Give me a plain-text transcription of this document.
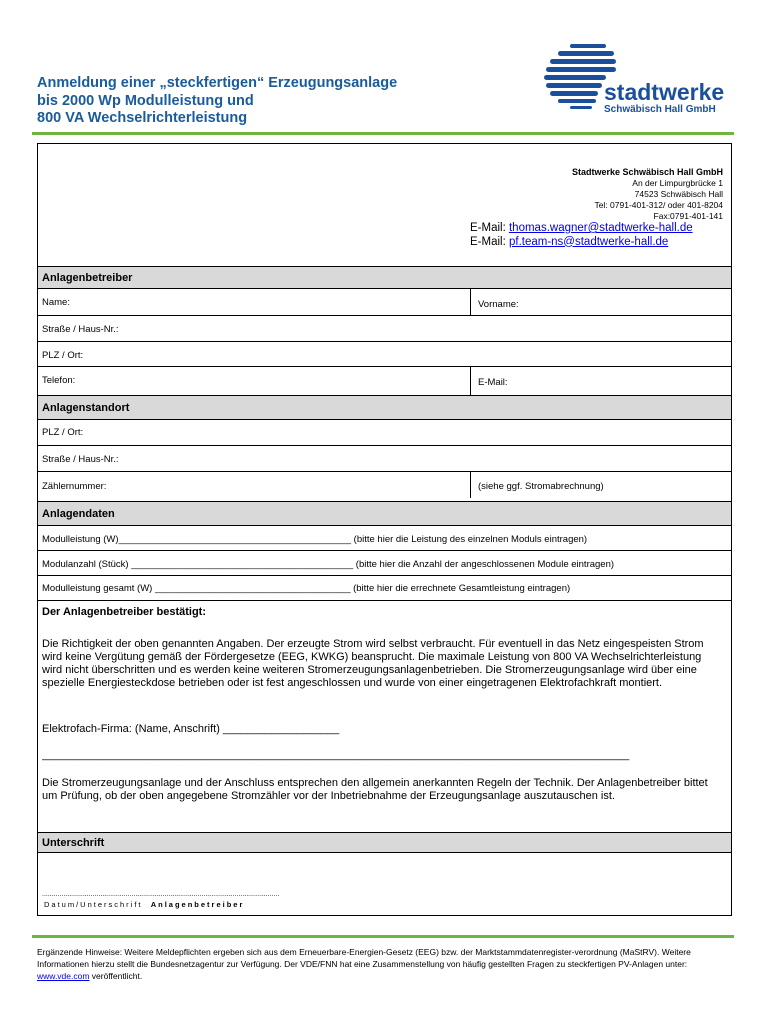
Anmeldung einer „steckfertigen“ Erzeugungsanlage
bis 2000 Wp Modulleistung und
800 VA Wechselrichterleistung
stadtwerke
Schwäbisch Hall GmbH
Stadtwerke Schwäbisch Hall GmbH
An der Limpurgbrücke 1
74523 Schwäbisch Hall
Tel: 0791-401-312/ oder 401-8204
Fax:0791-401-141
E-Mail: thomas.wagner@stadtwerke-hall.de
E-Mail: pf.team-ns@stadtwerke-hall.de
Anlagenbetreiber
Name:	Vorname:
Straße / Haus-Nr.:
PLZ / Ort:
Telefon:	E-Mail:
Anlagenstandort
PLZ / Ort:
Straße / Haus-Nr.:
Zählernummer:	(siehe ggf. Stromabrechnung)
Anlagendaten
Modulleistung (W)____________________________________________ (bitte hier die Leistung des einzelnen Moduls eintragen)
Modulanzahl (Stück) __________________________________________ (bitte hier die Anzahl der angeschlossenen Module eintragen)
Modulleistung gesamt (W) _____________________________________ (bitte hier die errechnete Gesamtleistung eintragen)
Der Anlagenbetreiber bestätigt:

Die Richtigkeit der oben genannten Angaben. Der erzeugte Strom wird selbst verbraucht. Für eventuell in das Netz eingespeisten Strom wird keine Vergütung gemäß der Fördergesetze (EEG, KWKG) beansprucht. Die maximale Leistung von 800 VA Wechselrichterleistung wird nicht überschritten und es werden keine weiteren Stromerzeugungsanlagenbetrieben. Die Stromerzeugungsanlage wird über eine spezielle Energiesteckdose betrieben oder ist fest angeschlossen und wurde von einer eingetragenen Elektrofachkraft montiert.

Elektrofach-Firma: (Name, Anschrift) ___________________
________________________________________________________________________________________________

Die Stromerzeugungsanlage und der Anschluss entsprechen den allgemein anerkannten Regeln der Technik. Der Anlagenbetreiber bittet um Prüfung, ob der oben angegebene Stromzähler vor der Inbetriebnahme der Erzeugungsanlage auszutauschen ist.

Unterschrift
..........................................................................................................................
Datum/Unterschrift Anlagenbetreiber
Ergänzende Hinweise: Weitere Meldepflichten ergeben sich aus dem Erneuerbare-Energien-Gesetz (EEG) bzw. der Marktstammdatenregister-verordnung (MaStRV). Weitere Informationen hierzu stellt die Bundesnetzagentur zur Verfügung. Der VDE/FNN hat eine Zusammenstellung von häufig gestellten Fragen zu steckfertigen PV-Anlagen unter: www.vde.com veröffentlicht.
